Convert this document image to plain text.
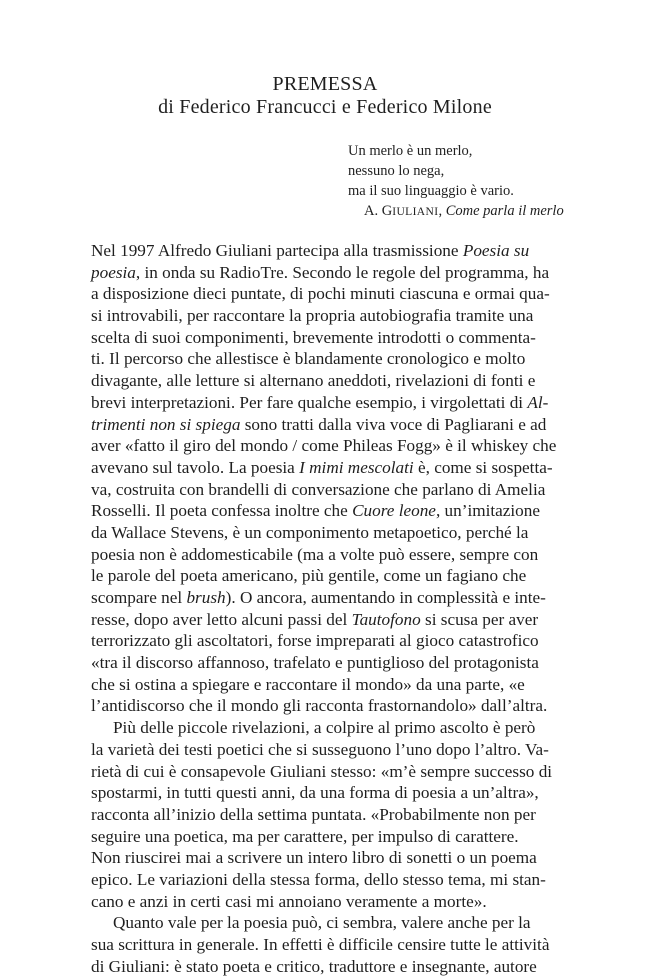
PREMESSA
di Federico Francucci e Federico Milone
Un merlo è un merlo,
nessuno lo nega,
ma il suo linguaggio è vario.
A. GIULIANI, Come parla il merlo
Nel 1997 Alfredo Giuliani partecipa alla trasmissione Poesia su
poesia, in onda su RadioTre. Secondo le regole del programma, ha
a disposizione dieci puntate, di pochi minuti ciascuna e ormai qua-
si introvabili, per raccontare la propria autobiografia tramite una
scelta di suoi componimenti, brevemente introdotti o commenta-
ti. Il percorso che allestisce è blandamente cronologico e molto
divagante, alle letture si alternano aneddoti, rivelazioni di fonti e
brevi interpretazioni. Per fare qualche esempio, i virgolettati di Al-
trimenti non si spiega sono tratti dalla viva voce di Pagliarani e ad
aver «fatto il giro del mondo / come Phileas Fogg» è il whiskey che
avevano sul tavolo. La poesia I mimi mescolati è, come si sospetta-
va, costruita con brandelli di conversazione che parlano di Amelia
Rosselli. Il poeta confessa inoltre che Cuore leone, un’imitazione
da Wallace Stevens, è un componimento metapoetico, perché la
poesia non è addomesticabile (ma a volte può essere, sempre con
le parole del poeta americano, più gentile, come un fagiano che
scompare nel brush). O ancora, aumentando in complessità e inte-
resse, dopo aver letto alcuni passi del Tautofono si scusa per aver
terrorizzato gli ascoltatori, forse impreparati al gioco catastrofico
«tra il discorso affannoso, trafelato e puntiglioso del protagonista
che si ostina a spiegare e raccontare il mondo» da una parte, «e
l’antidiscorso che il mondo gli racconta frastornandolo» dall’altra.
Più delle piccole rivelazioni, a colpire al primo ascolto è però
la varietà dei testi poetici che si susseguono l’uno dopo l’altro. Va-
rietà di cui è consapevole Giuliani stesso: «m’è sempre successo di
spostarmi, in tutti questi anni, da una forma di poesia a un’altra»,
racconta all’inizio della settima puntata. «Probabilmente non per
seguire una poetica, ma per carattere, per impulso di carattere.
Non riuscirei mai a scrivere un intero libro di sonetti o un poema
epico. Le variazioni della stessa forma, dello stesso tema, mi stan-
cano e anzi in certi casi mi annoiano veramente a morte».
Quanto vale per la poesia può, ci sembra, valere anche per la
sua scrittura in generale. In effetti è difficile censire tutte le attività
di Giuliani: è stato poeta e critico, traduttore e insegnante, autore
